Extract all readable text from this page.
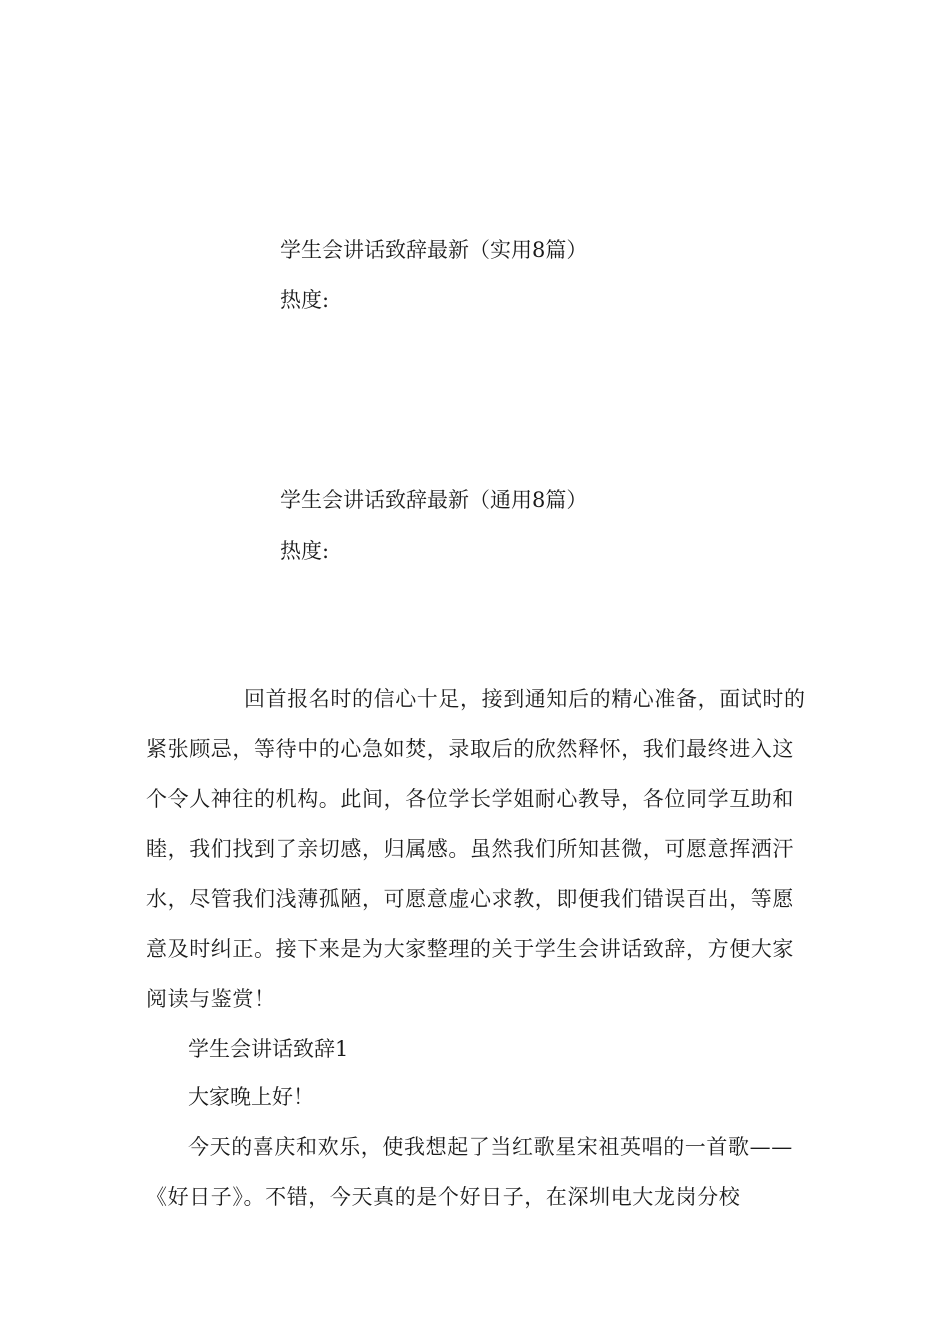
学生会讲话致辞最新（实用8篇）
热度:
学生会讲话致辞最新（通用8篇）
热度:
回首报名时的信心十足，接到通知后的精心准备，面试时的紧张顾忌，等待中的心急如焚，录取后的欣然释怀，我们最终进入这个令人神往的机构。此间，各位学长学姐耐心教导，各位同学互助和睦，我们找到了亲切感，归属感。虽然我们所知甚微，可愿意挥洒汗水，尽管我们浅薄孤陋，可愿意虚心求教，即便我们错误百出，等愿意及时纠正。接下来是为大家整理的关于学生会讲话致辞，方便大家阅读与鉴赏！
学生会讲话致辞1
大家晚上好！
今天的喜庆和欢乐，使我想起了当红歌星宋祖英唱的一首歌——《好日子》。不错，今天真的是个好日子，在深圳电大龙岗分校
